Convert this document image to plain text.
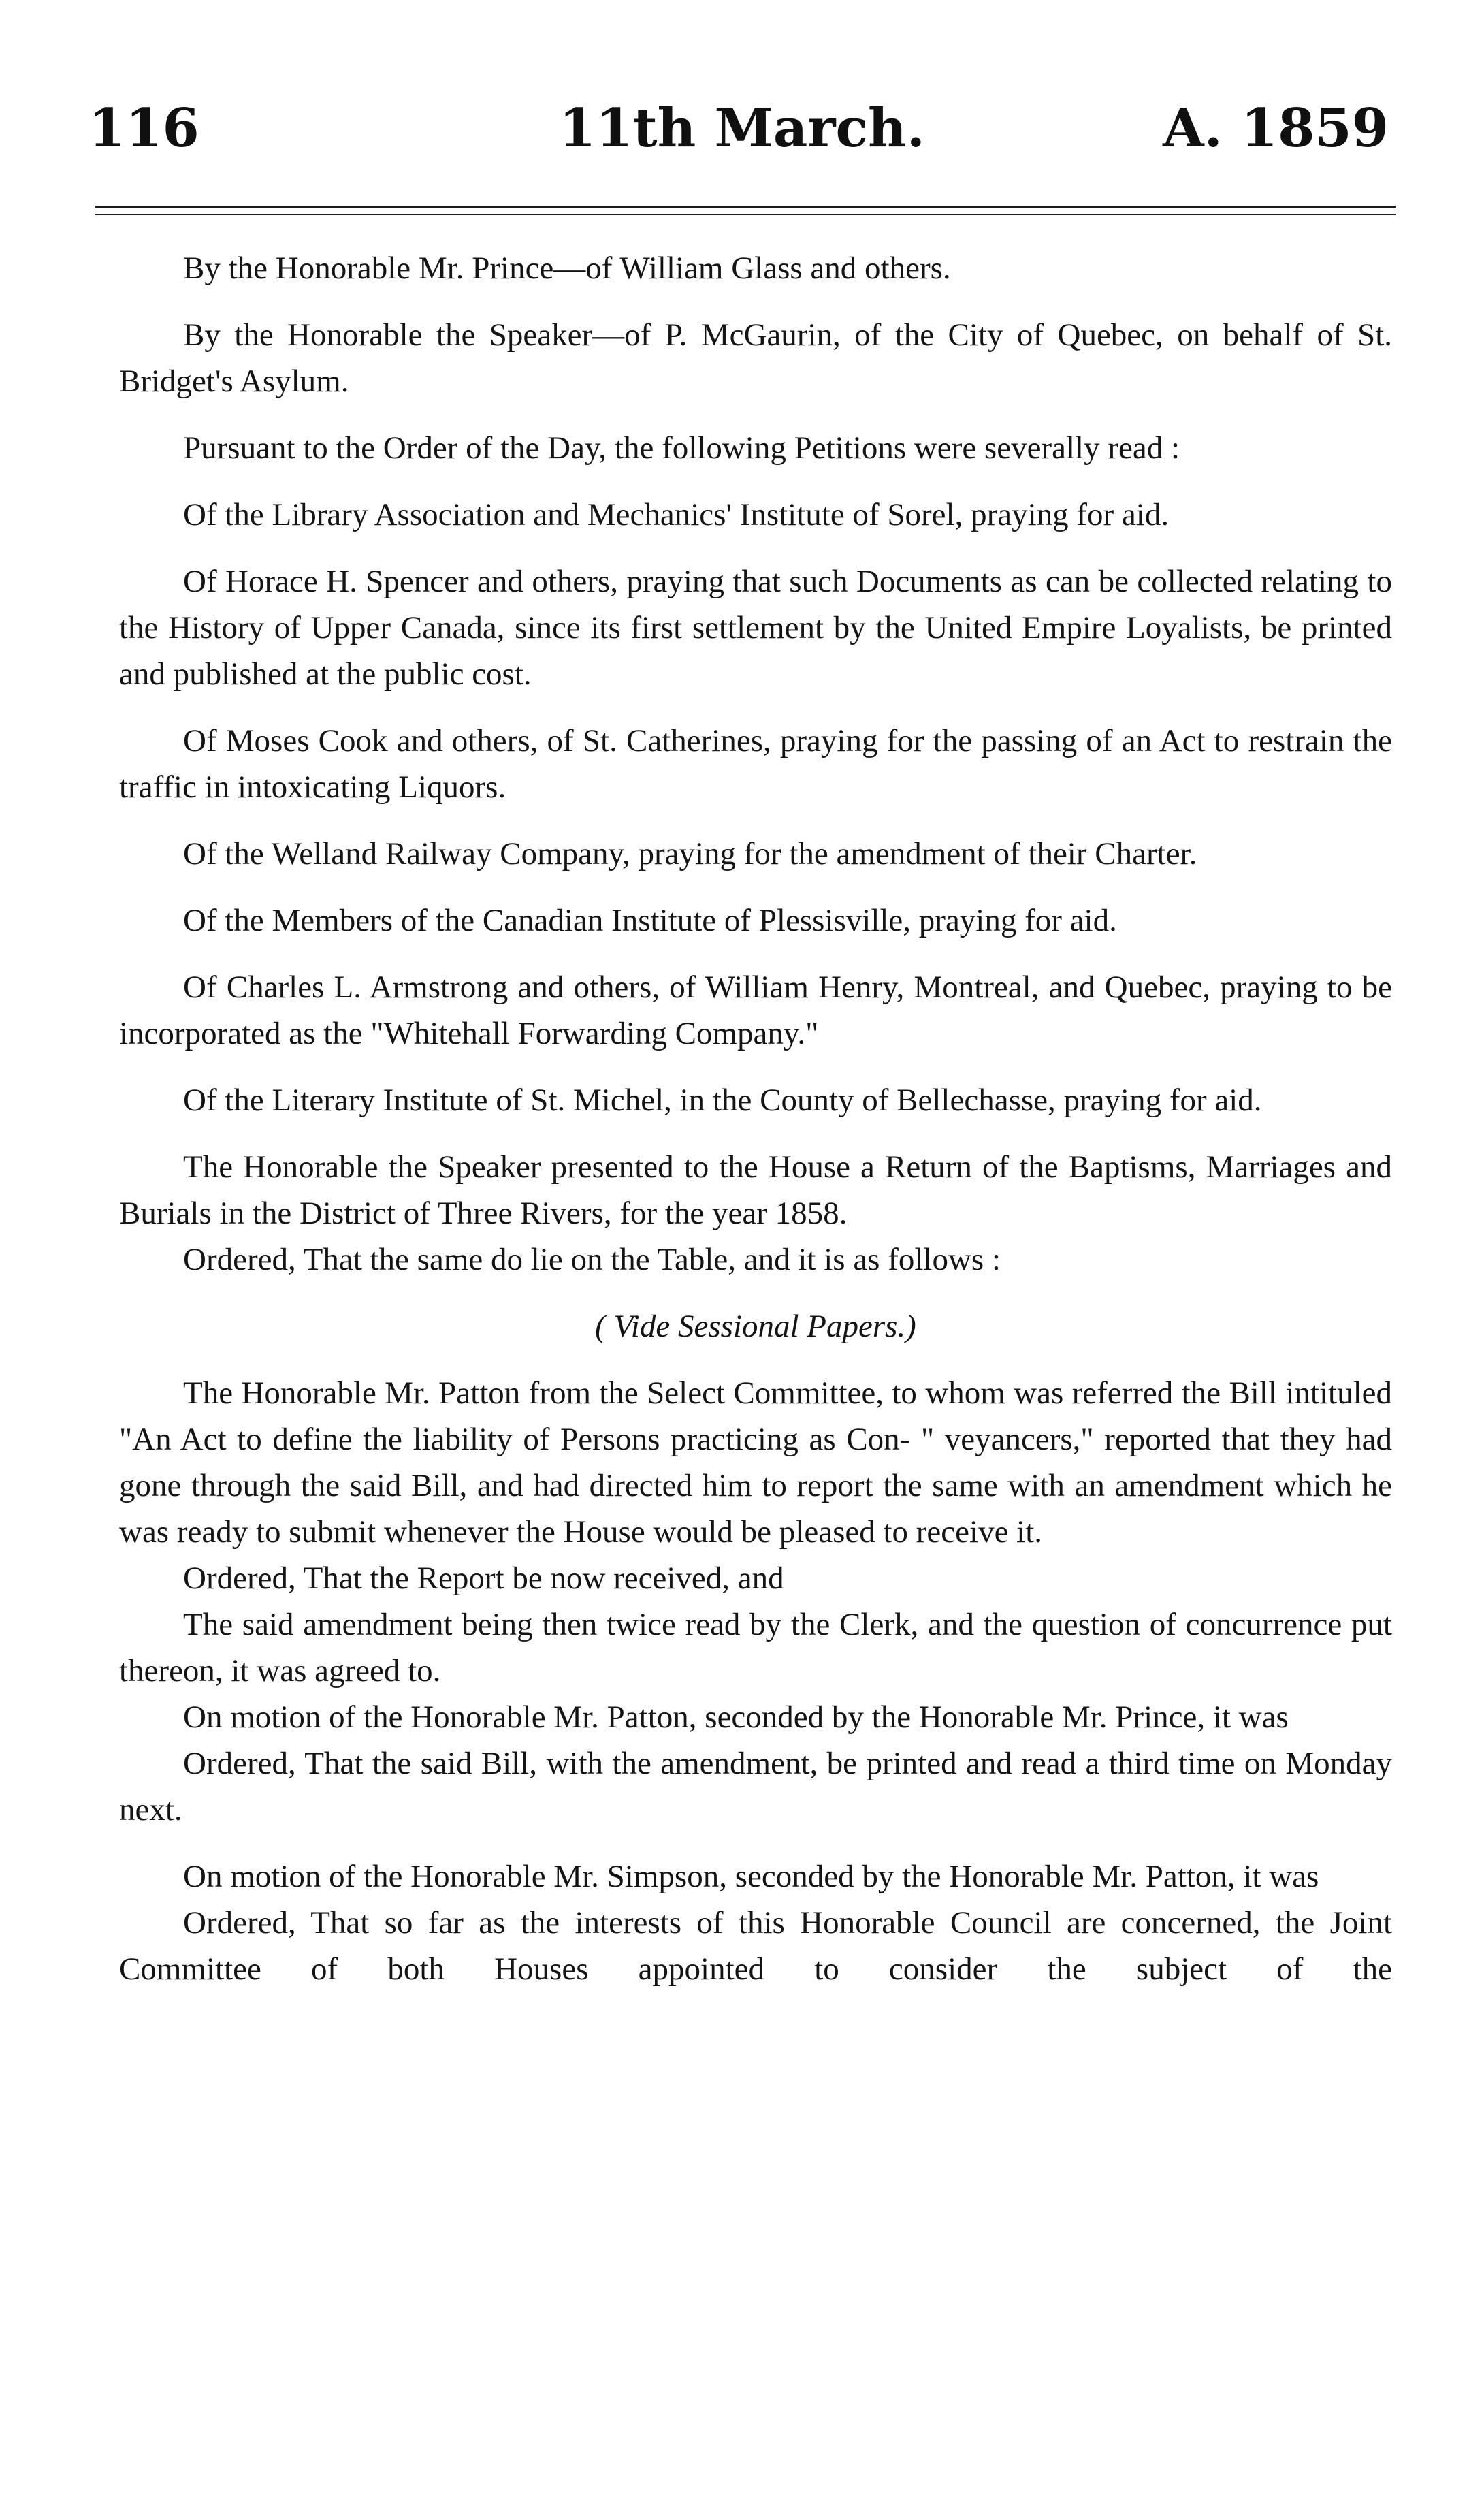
116	11th March.	A. 1859

By the Honorable Mr. Prince—of William Glass and others.

By the Honorable the Speaker—of P. McGaurin, of the City of Quebec, on behalf of St. Bridget's Asylum.

Pursuant to the Order of the Day, the following Petitions were severally read :

Of the Library Association and Mechanics' Institute of Sorel, praying for aid.

Of Horace H. Spencer and others, praying that such Documents as can be collected relating to the History of Upper Canada, since its first settlement by the United Empire Loyalists, be printed and published at the public cost.

Of Moses Cook and others, of St. Catherines, praying for the passing of an Act to restrain the traffic in intoxicating Liquors.

Of the Welland Railway Company, praying for the amendment of their Charter.

Of the Members of the Canadian Institute of Plessisville, praying for aid.

Of Charles L. Armstrong and others, of William Henry, Montreal, and Quebec, praying to be incorporated as the "Whitehall Forwarding Company."

Of the Literary Institute of St. Michel, in the County of Bellechasse, praying for aid.

The Honorable the Speaker presented to the House a Return of the Baptisms, Marriages and Burials in the District of Three Rivers, for the year 1858.

Ordered, That the same do lie on the Table, and it is as follows :

( Vide Sessional Papers.)

The Honorable Mr. Patton from the Select Committee, to whom was referred the Bill intituled "An Act to define the liability of Persons practicing as Con- " veyancers," reported that they had gone through the said Bill, and had directed him to report the same with an amendment which he was ready to submit whenever the House would be pleased to receive it.

Ordered, That the Report be now received, and

The said amendment being then twice read by the Clerk, and the question of concurrence put thereon, it was agreed to.

On motion of the Honorable Mr. Patton, seconded by the Honorable Mr. Prince, it was

Ordered, That the said Bill, with the amendment, be printed and read a third time on Monday next.

On motion of the Honorable Mr. Simpson, seconded by the Honorable Mr. Patton, it was

Ordered, That so far as the interests of this Honorable Council are concerned, the Joint Committee of both Houses appointed to consider the subject of the
